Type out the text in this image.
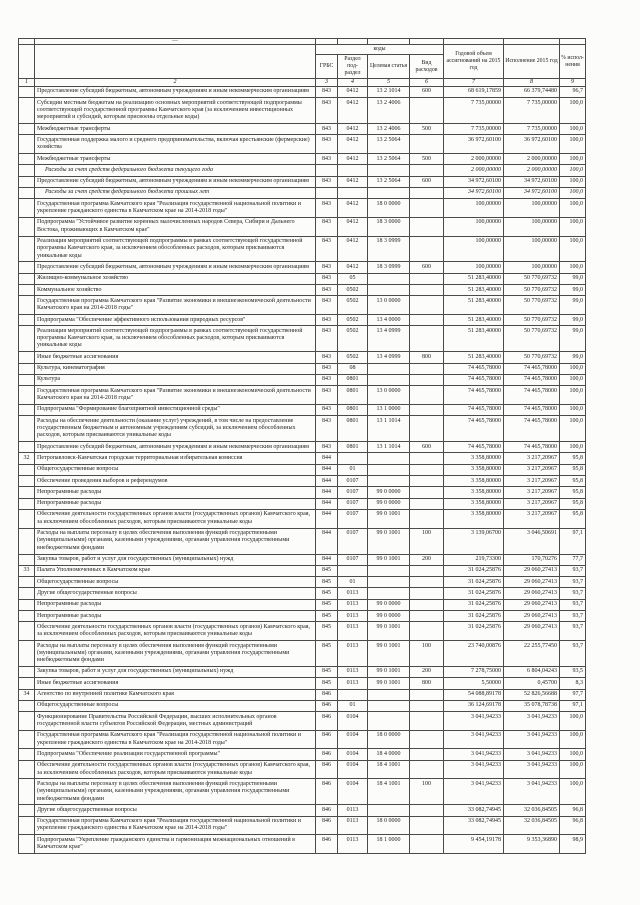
	—							
		коды				Годовой объем ассигнований на 2015 год	Исполнение 2015 год	% испол- нения
		ГРБС	Раздел под- раздел	Целевая статья	Вид расходов			
1	2	3	4	5	6	7	8	9
	Предоставление субсидий бюджетным, автономным учреждениям и иным некоммерческим организациям	843	0412	13 2 1014	600	68 619,17859	66 379,74480	96,7
	Субсидии местным бюджетам на реализацию основных мероприятий соответствующей подпрограммы соответствующей государственной программы Камчатского края (за исключением инвестиционных мероприятий и субсидий, которым присвоены отдельные коды)	843	0412	13 2 4006		7 735,00000	7 735,00000	100,0
	Межбюджетные трансферты	843	0412	13 2 4006	500	7 735,00000	7 735,00000	100,0
	Государственная поддержка малого и среднего предпринимательства, включая крестьянские (фермерские) хозяйства	843	0412	13 2 5064		36 972,60100	36 972,60100	100,0
	Межбюджетные трансферты	843	0412	13 2 5064	500	2 000,00000	2 000,00000	100,0
	Расходы за счет средств федерального бюджета текущего года					2 000,00000	2 000,00000	100,0
	Предоставление субсидий бюджетным, автономным учреждениям и иным некоммерческим организациям	843	0412	13 2 5064	600	34 972,60100	34 972,60100	100,0
	Расходы за счет средств федерального бюджета прошлых лет					34 972,60100	34 972,60100	100,0
	Государственная программа Камчатского края "Реализация государственной национальной политики и укрепление гражданского единства в Камчатском крае на 2014-2018 годы"	843	0412	18 0 0000		100,00000	100,00000	100,0
	Подпрограмма "Устойчивое развитие коренных малочисленных народов Севера, Сибири и Дальнего Востока, проживающих в Камчатском крае"	843	0412	18 3 0000		100,00000	100,00000	100,0
	Реализация мероприятий соответствующей подпрограммы в рамках соответствующей государственной программы Камчатского края, за исключением обособленных расходов, которым присваиваются уникальные коды	843	0412	18 3 0999		100,00000	100,00000	100,0
	Предоставление субсидий бюджетным, автономным учреждениям и иным некоммерческим организациям	843	0412	18 3 0999	600	100,00000	100,00000	100,0
	Жилищно-коммунальное хозяйство	843	05			51 283,40000	50 770,69732	99,0
	Коммунальное хозяйство	843	0502			51 283,40000	50 770,69732	99,0
	Государственная программа Камчатского края "Развитие экономики и внешнеэкономической деятельности Камчатского края на 2014-2018 годы"	843	0502	13 0 0000		51 283,40000	50 770,69732	99,0
	Подпрограмма "Обеспечение эффективного использования природных ресурсов"	843	0502	13 4 0000		51 283,40000	50 770,69732	99,0
	Реализация мероприятий соответствующей подпрограммы в рамках соответствующей государственной программы Камчатского края, за исключением обособленных расходов, которым присваиваются уникальные коды	843	0502	13 4 0999		51 283,40000	50 770,69732	99,0
	Иные бюджетные ассигнования	843	0502	13 4 0999	800	51 283,40000	50 770,69732	99,0
	Культура, кинематография	843	08			74 465,78000	74 465,78000	100,0
	Культура	843	0801			74 465,78000	74 465,78000	100,0
	Государственная программа Камчатского края "Развитие экономики и внешнеэкономической деятельности Камчатского края на 2014-2018 годы"	843	0801	13 0 0000		74 465,78000	74 465,78000	100,0
	Подпрограмма "Формирование благоприятной инвестиционной среды"	843	0801	13 1 0000		74 465,78000	74 465,78000	100,0
	Расходы на обеспечение деятельности (оказание услуг) учреждений, в том числе на предоставление государственным бюджетным и автономным учреждениям субсидий, за исключением обособленных расходов, которым присваиваются уникальные коды	843	0801	13 1 1014		74 465,78000	74 465,78000	100,0
	Предоставление субсидий бюджетным, автономным учреждениям и иным некоммерческим организациям	843	0801	13 1 1014	600	74 465,78000	74 465,78000	100,0
32	Петропавловск-Камчатская городская территориальная избирательная комиссия	844				3 358,80000	3 217,20967	95,8
	Общегосударственные вопросы	844	01			3 358,80000	3 217,20967	95,8
	Обеспечение проведения выборов и референдумов	844	0107			3 358,80000	3 217,20967	95,8
	Непрограммные расходы	844	0107	99 0 0000		3 358,80000	3 217,20967	95,8
	Непрограммные расходы	844	0107	99 0 0000		3 358,80000	3 217,20967	95,8
	Обеспечение деятельности государственных органов власти (государственных органов) Камчатского края, за исключением обособленных расходов, которым присваиваются уникальные коды	844	0107	99 0 1001		3 358,80000	3 217,20967	95,8
	Расходы на выплаты персоналу в целях обеспечения выполнения функций государственными (муниципальными) органами, казенными учреждениями, органами управления государственными внебюджетными фондами	844	0107	99 0 1001	100	3 139,06700	3 046,50691	97,1
	Закупка товаров, работ и услуг для государственных (муниципальных) нужд	844	0107	99 0 1001	200	219,73300	170,70276	77,7
33	Палата Уполномоченных в Камчатском крае	845				31 024,25876	29 060,27413	93,7
	Общегосударственные вопросы	845	01			31 024,25876	29 060,27413	93,7
	Другие общегосударственные вопросы	845	0113			31 024,25876	29 060,27413	93,7
	Непрограммные расходы	845	0113	99 0 0000		31 024,25876	29 060,27413	93,7
	Непрограммные расходы	845	0113	99 0 0000		31 024,25876	29 060,27413	93,7
	Обеспечение деятельности государственных органов власти (государственных органов) Камчатского края, за исключением обособленных расходов, которым присваиваются уникальные коды	845	0113	99 0 1001		31 024,25876	29 060,27413	93,7
	Расходы на выплаты персоналу в целях обеспечения выполнения функций государственными (муниципальными) органами, казенными учреждениями, органами управления государственными внебюджетными фондами	845	0113	99 0 1001	100	23 740,00876	22 255,77450	93,7
	Закупка товаров, работ и услуг для государственных (муниципальных) нужд	845	0113	99 0 1001	200	7 278,75000	6 804,04243	93,5
	Иные бюджетные ассигнования	845	0113	99 0 1001	800	5,50000	0,45700	8,3
34	Агентство по внутренней политике Камчатского края	846				54 088,89178	52 826,56688	97,7
	Общегосударственные вопросы	846	01			36 124,69178	35 078,78738	97,1
	Функционирование Правительства Российской Федерации, высших исполнительных органов государственной власти субъектов Российской Федерации, местных администраций	846	0104			3 041,94233	3 041,94233	100,0
	Государственная программа Камчатского края "Реализация государственной национальной политики и укрепление гражданского единства в Камчатском крае на 2014-2018 годы"	846	0104	18 0 0000		3 041,94233	3 041,94233	100,0
	Подпрограмма "Обеспечение реализации государственной программы"	846	0104	18 4 0000		3 041,94233	3 041,94233	100,0
	Обеспечение деятельности государственных органов власти (государственных органов) Камчатского края, за исключением обособленных расходов, которым присваиваются уникальные коды	846	0104	18 4 1001		3 041,94233	3 041,94233	100,0
	Расходы на выплаты персоналу в целях обеспечения выполнения функций государственными (муниципальными) органами, казенными учреждениями, органами управления государственными внебюджетными фондами	846	0104	18 4 1001	100	3 041,94233	3 041,94233	100,0
	Другие общегосударственные вопросы	846	0113			33 082,74945	32 036,84505	96,8
	Государственная программа Камчатского края "Реализация государственной национальной политики и укрепление гражданского единства в Камчатском крае на 2014-2018 годы"	846	0113	18 0 0000		33 082,74945	32 036,84505	96,8
	Подпрограмма "Укрепление гражданского единства и гармонизация межнациональных отношений в Камчатском крае"	846	0113	18 1 0000		9 454,19178	9 353,36890	98,9
